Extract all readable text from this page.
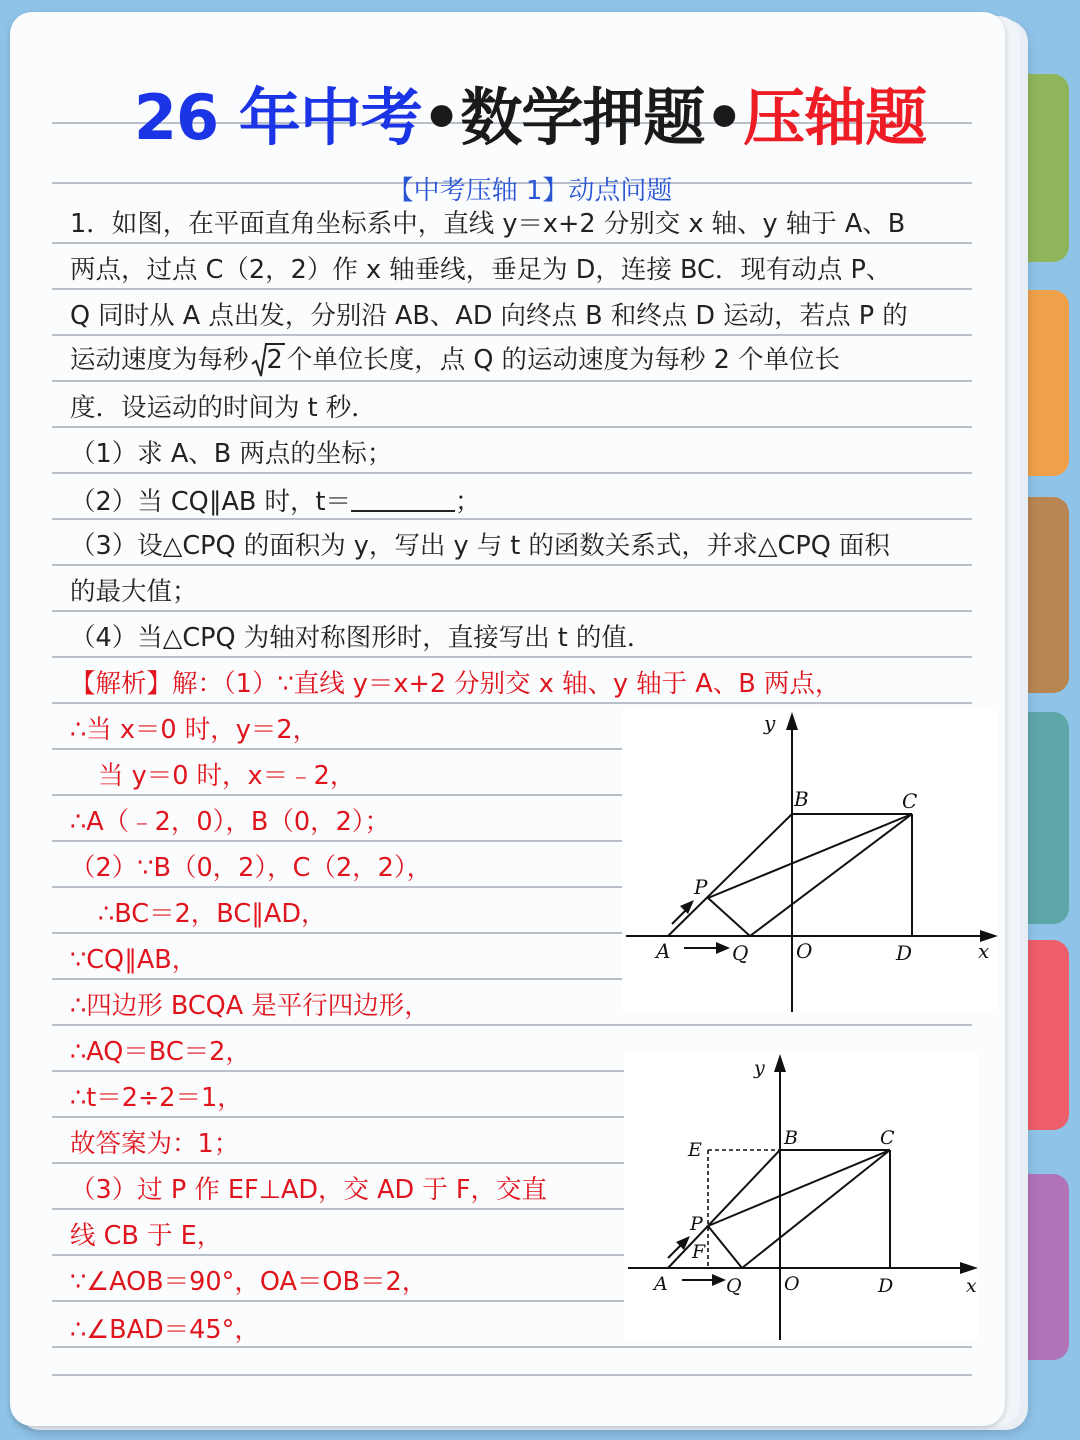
26 年中考•数学押题•压轴题
【中考压轴 1】动点问题
1．如图，在平面直角坐标系中，直线 y＝x+2 分别交 x 轴、y 轴于 A、B
两点，过点 C（2，2）作 x 轴垂线，垂足为 D，连接 BC．现有动点 P、
Q 同时从 A 点出发，分别沿 AB、AD 向终点 B 和终点 D 运动，若点 P 的
运动速度为每秒 2 个单位长度，点 Q 的运动速度为每秒 2 个单位长
度．设运动的时间为 t 秒．
（1）求 A、B 两点的坐标；
（2）当 CQ∥AB 时，t＝	；
（3）设△CPQ 的面积为 y，写出 y 与 t 的函数关系式，并求△CPQ 面积
的最大值；
（4）当△CPQ 为轴对称图形时，直接写出 t 的值．
【解析】解：（1）∵直线 y＝x+2 分别交 x 轴、y 轴于 A、B 两点，
∴当 x＝0 时，y＝2，
当 y＝0 时，x＝﹣2，
∴A（﹣2，0），B（0，2）；
（2）∵B（0，2），C（2，2），
∴BC＝2，BC∥AD，
∵CQ∥AB，
∴四边形 BCQA 是平行四边形，
∴AQ＝BC＝2，
∴t＝2÷2＝1，
故答案为：1；
（3）过 P 作 EF⊥AD，交 AD 于 F，交直
线 CB 于 E，
∵∠AOB＝90°，OA＝OB＝2，
∴∠BAD＝45°，
y
x
B	C
P
A	Q O	D
y
x
E
B	C
P
F
A	Q O	D
